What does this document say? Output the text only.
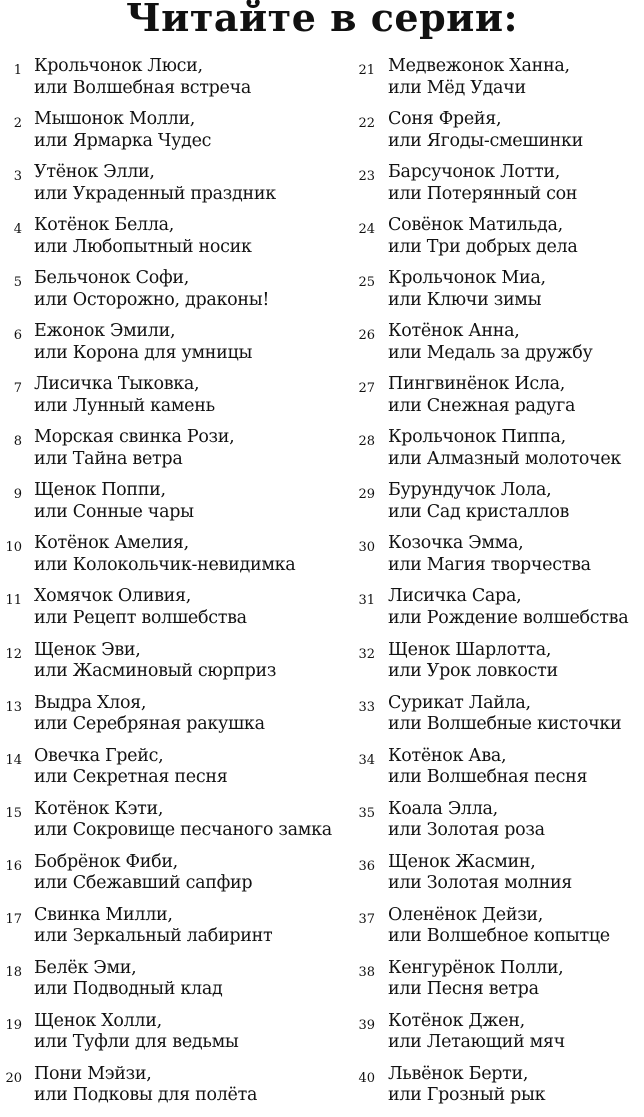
Читайте в серии:
1 Крольчонок Люси,
или Волшебная встреча
2 Мышонок Молли,
или Ярмарка Чудес
3 Утёнок Элли,
или Украденный праздник
4 Котёнок Белла,
или Любопытный носик
5 Бельчонок Софи,
или Осторожно, драконы!
6 Ежонок Эмили,
или Корона для умницы
7 Лисичка Тыковка,
или Лунный камень
8 Морская свинка Рози,
или Тайна ветра
9 Щенок Поппи,
или Сонные чары
10 Котёнок Амелия,
или Колокольчик-невидимка
11 Хомячок Оливия,
или Рецепт волшебства
12 Щенок Эви,
или Жасминовый сюрприз
13 Выдра Хлоя,
или Серебряная ракушка
14 Овечка Грейс,
или Секретная песня
15 Котёнок Кэти,
или Сокровище песчаного замка
16 Бобрёнок Фиби,
или Сбежавший сапфир
17 Свинка Милли,
или Зеркальный лабиринт
18 Белёк Эми,
или Подводный клад
19 Щенок Холли,
или Туфли для ведьмы
20 Пони Мэйзи,
или Подковы для полёта
21 Медвежонок Ханна,
или Мёд Удачи
22 Соня Фрейя,
или Ягоды-смешинки
23 Барсучонок Лотти,
или Потерянный сон
24 Совёнок Матильда,
или Три добрых дела
25 Крольчонок Миа,
или Ключи зимы
26 Котёнок Анна,
или Медаль за дружбу
27 Пингвинёнок Исла,
или Снежная радуга
28 Крольчонок Пиппа,
или Алмазный молоточек
29 Бурундучок Лола,
или Сад кристаллов
30 Козочка Эмма,
или Магия творчества
31 Лисичка Сара,
или Рождение волшебства
32 Щенок Шарлотта,
или Урок ловкости
33 Сурикат Лайла,
или Волшебные кисточки
34 Котёнок Ава,
или Волшебная песня
35 Коала Элла,
или Золотая роза
36 Щенок Жасмин,
или Золотая молния
37 Оленёнок Дейзи,
или Волшебное копытце
38 Кенгурёнок Полли,
или Песня ветра
39 Котёнок Джен,
или Летающий мяч
40 Львёнок Берти,
или Грозный рык
